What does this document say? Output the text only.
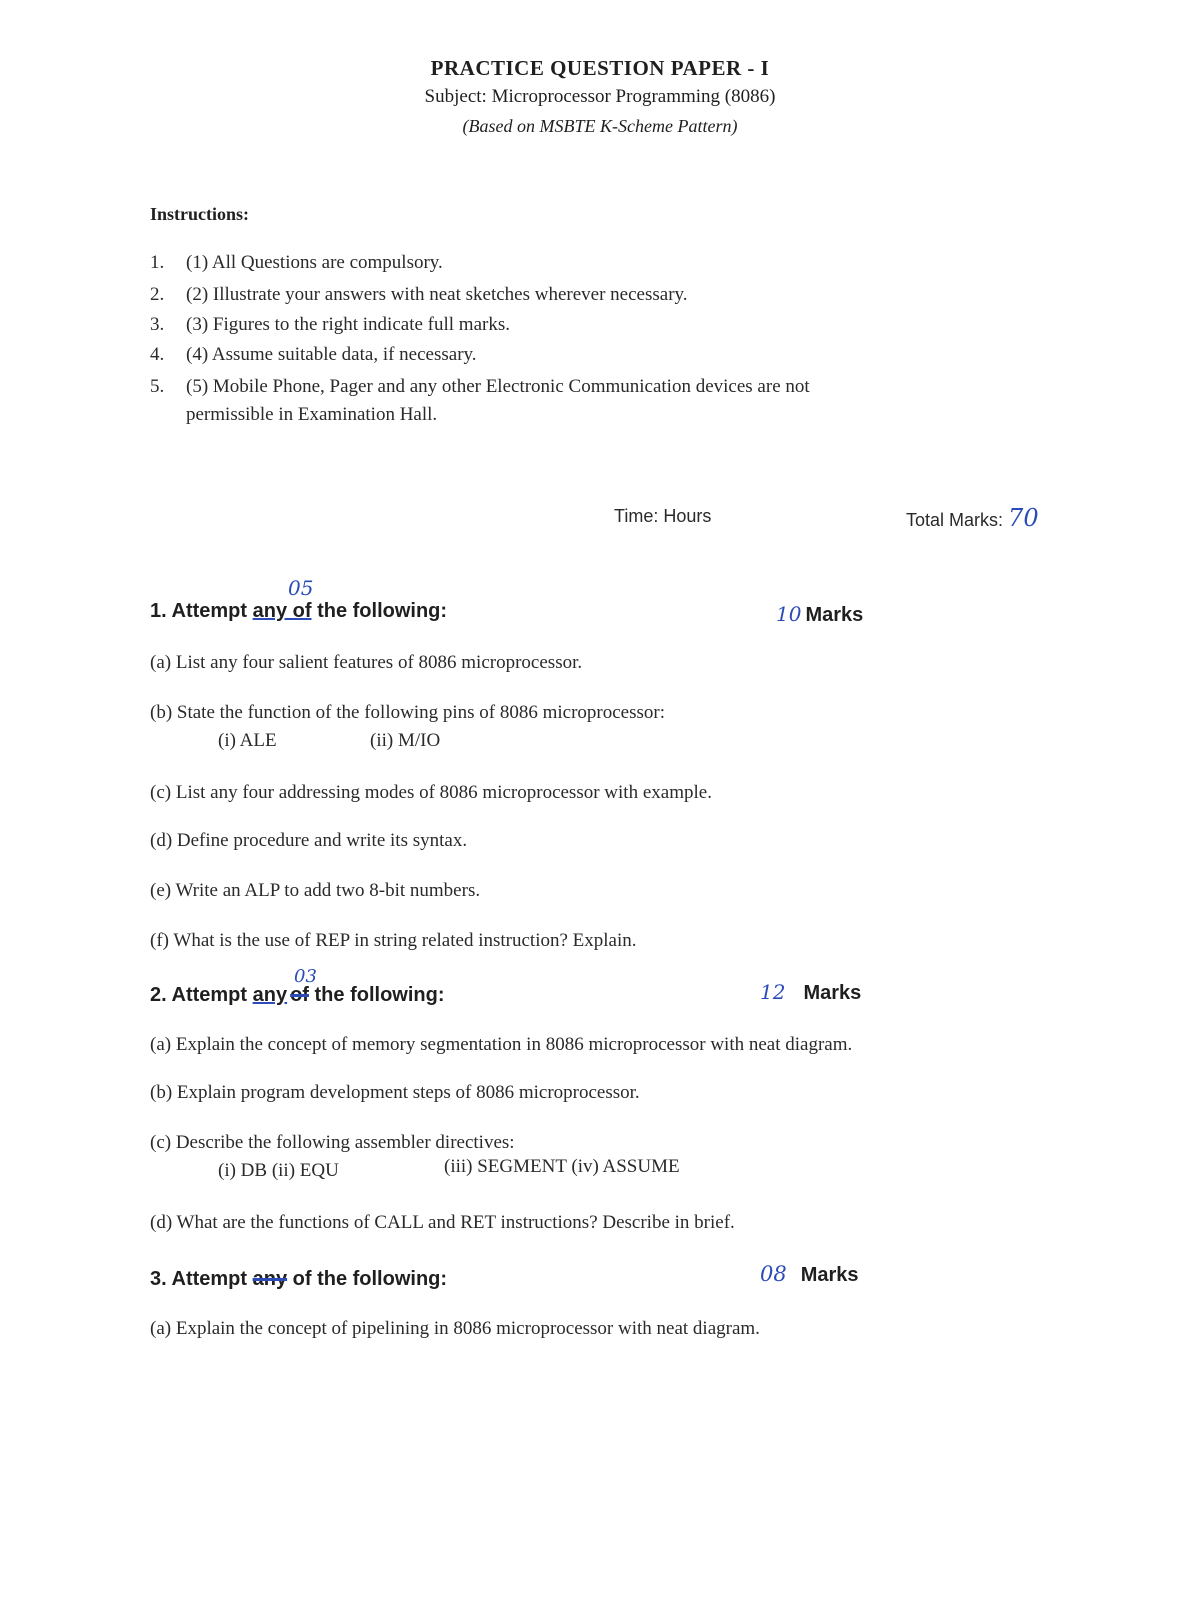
PRACTICE QUESTION PAPER - I
Subject: Microprocessor Programming (8086)
(Based on MSBTE K-Scheme Pattern)
Instructions:
1. (1) All Questions are compulsory.
2. (2) Illustrate your answers with neat sketches wherever necessary.
3. (3) Figures to the right indicate full marks.
4. (4) Assume suitable data, if necessary.
5. (5) Mobile Phone, Pager and any other Electronic Communication devices are not
permissible in Examination Hall.
Time: Hours	Total Marks: 70
05
1. Attempt any of the following:	10 Marks
(a) List any four salient features of 8086 microprocessor.
(b) State the function of the following pins of 8086 microprocessor:
(i) ALE	(ii) M/IO
(c) List any four addressing modes of 8086 microprocessor with example.
(d) Define procedure and write its syntax.
(e) Write an ALP to add two 8-bit numbers.
(f) What is the use of REP in string related instruction? Explain.
03
2. Attempt any of the following:	12 Marks
(a) Explain the concept of memory segmentation in 8086 microprocessor with neat diagram.
(b) Explain program development steps of 8086 microprocessor.
(c) Describe the following assembler directives:
(i) DB (ii) EQU	(iii) SEGMENT (iv) ASSUME
(d) What are the functions of CALL and RET instructions? Describe in brief.
3. Attempt any of the following:	08 Marks
(a) Explain the concept of pipelining in 8086 microprocessor with neat diagram.
